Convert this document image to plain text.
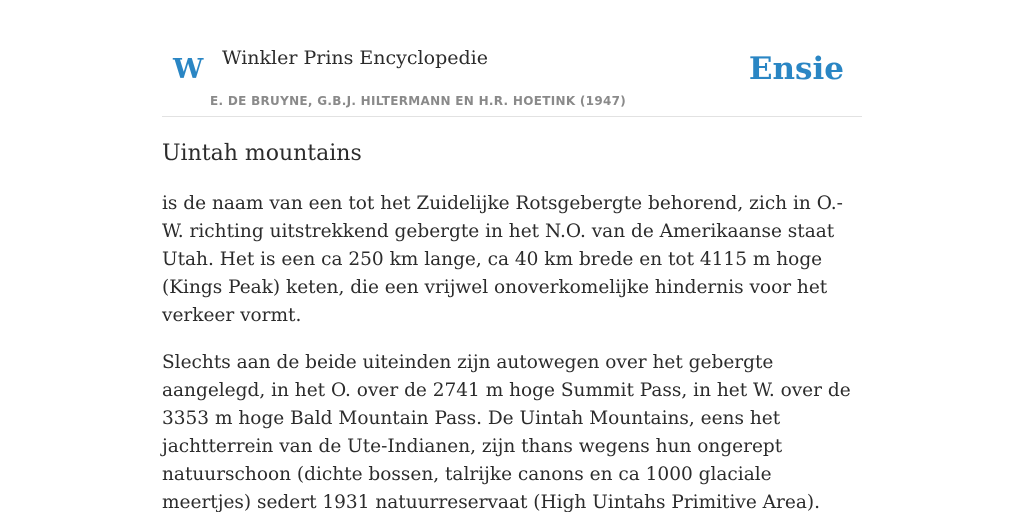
W Winkler Prins Encyclopedie
E. DE BRUYNE, G.B.J. HILTERMANN EN H.R. HOETINK (1947)
Ensie
Uintah mountains

is de naam van een tot het Zuidelijke Rotsgebergte behorend, zich in O.-W. richting uitstrekkend gebergte in het N.O. van de Amerikaanse staat Utah. Het is een ca 250 km lange, ca 40 km brede en tot 4115 m hoge (Kings Peak) keten, die een vrijwel onoverkomelijke hindernis voor het verkeer vormt.

Slechts aan de beide uiteinden zijn autowegen over het gebergte aangelegd, in het O. over de 2741 m hoge Summit Pass, in het W. over de 3353 m hoge Bald Mountain Pass. De Uintah Mountains, eens het jachtterrein van de Ute-Indianen, zijn thans wegens hun ongerept natuurschoon (dichte bossen, talrijke canons en ca 1000 glaciale meertjes) sedert 1931 natuurreservaat (High Uintahs Primitive Area).
